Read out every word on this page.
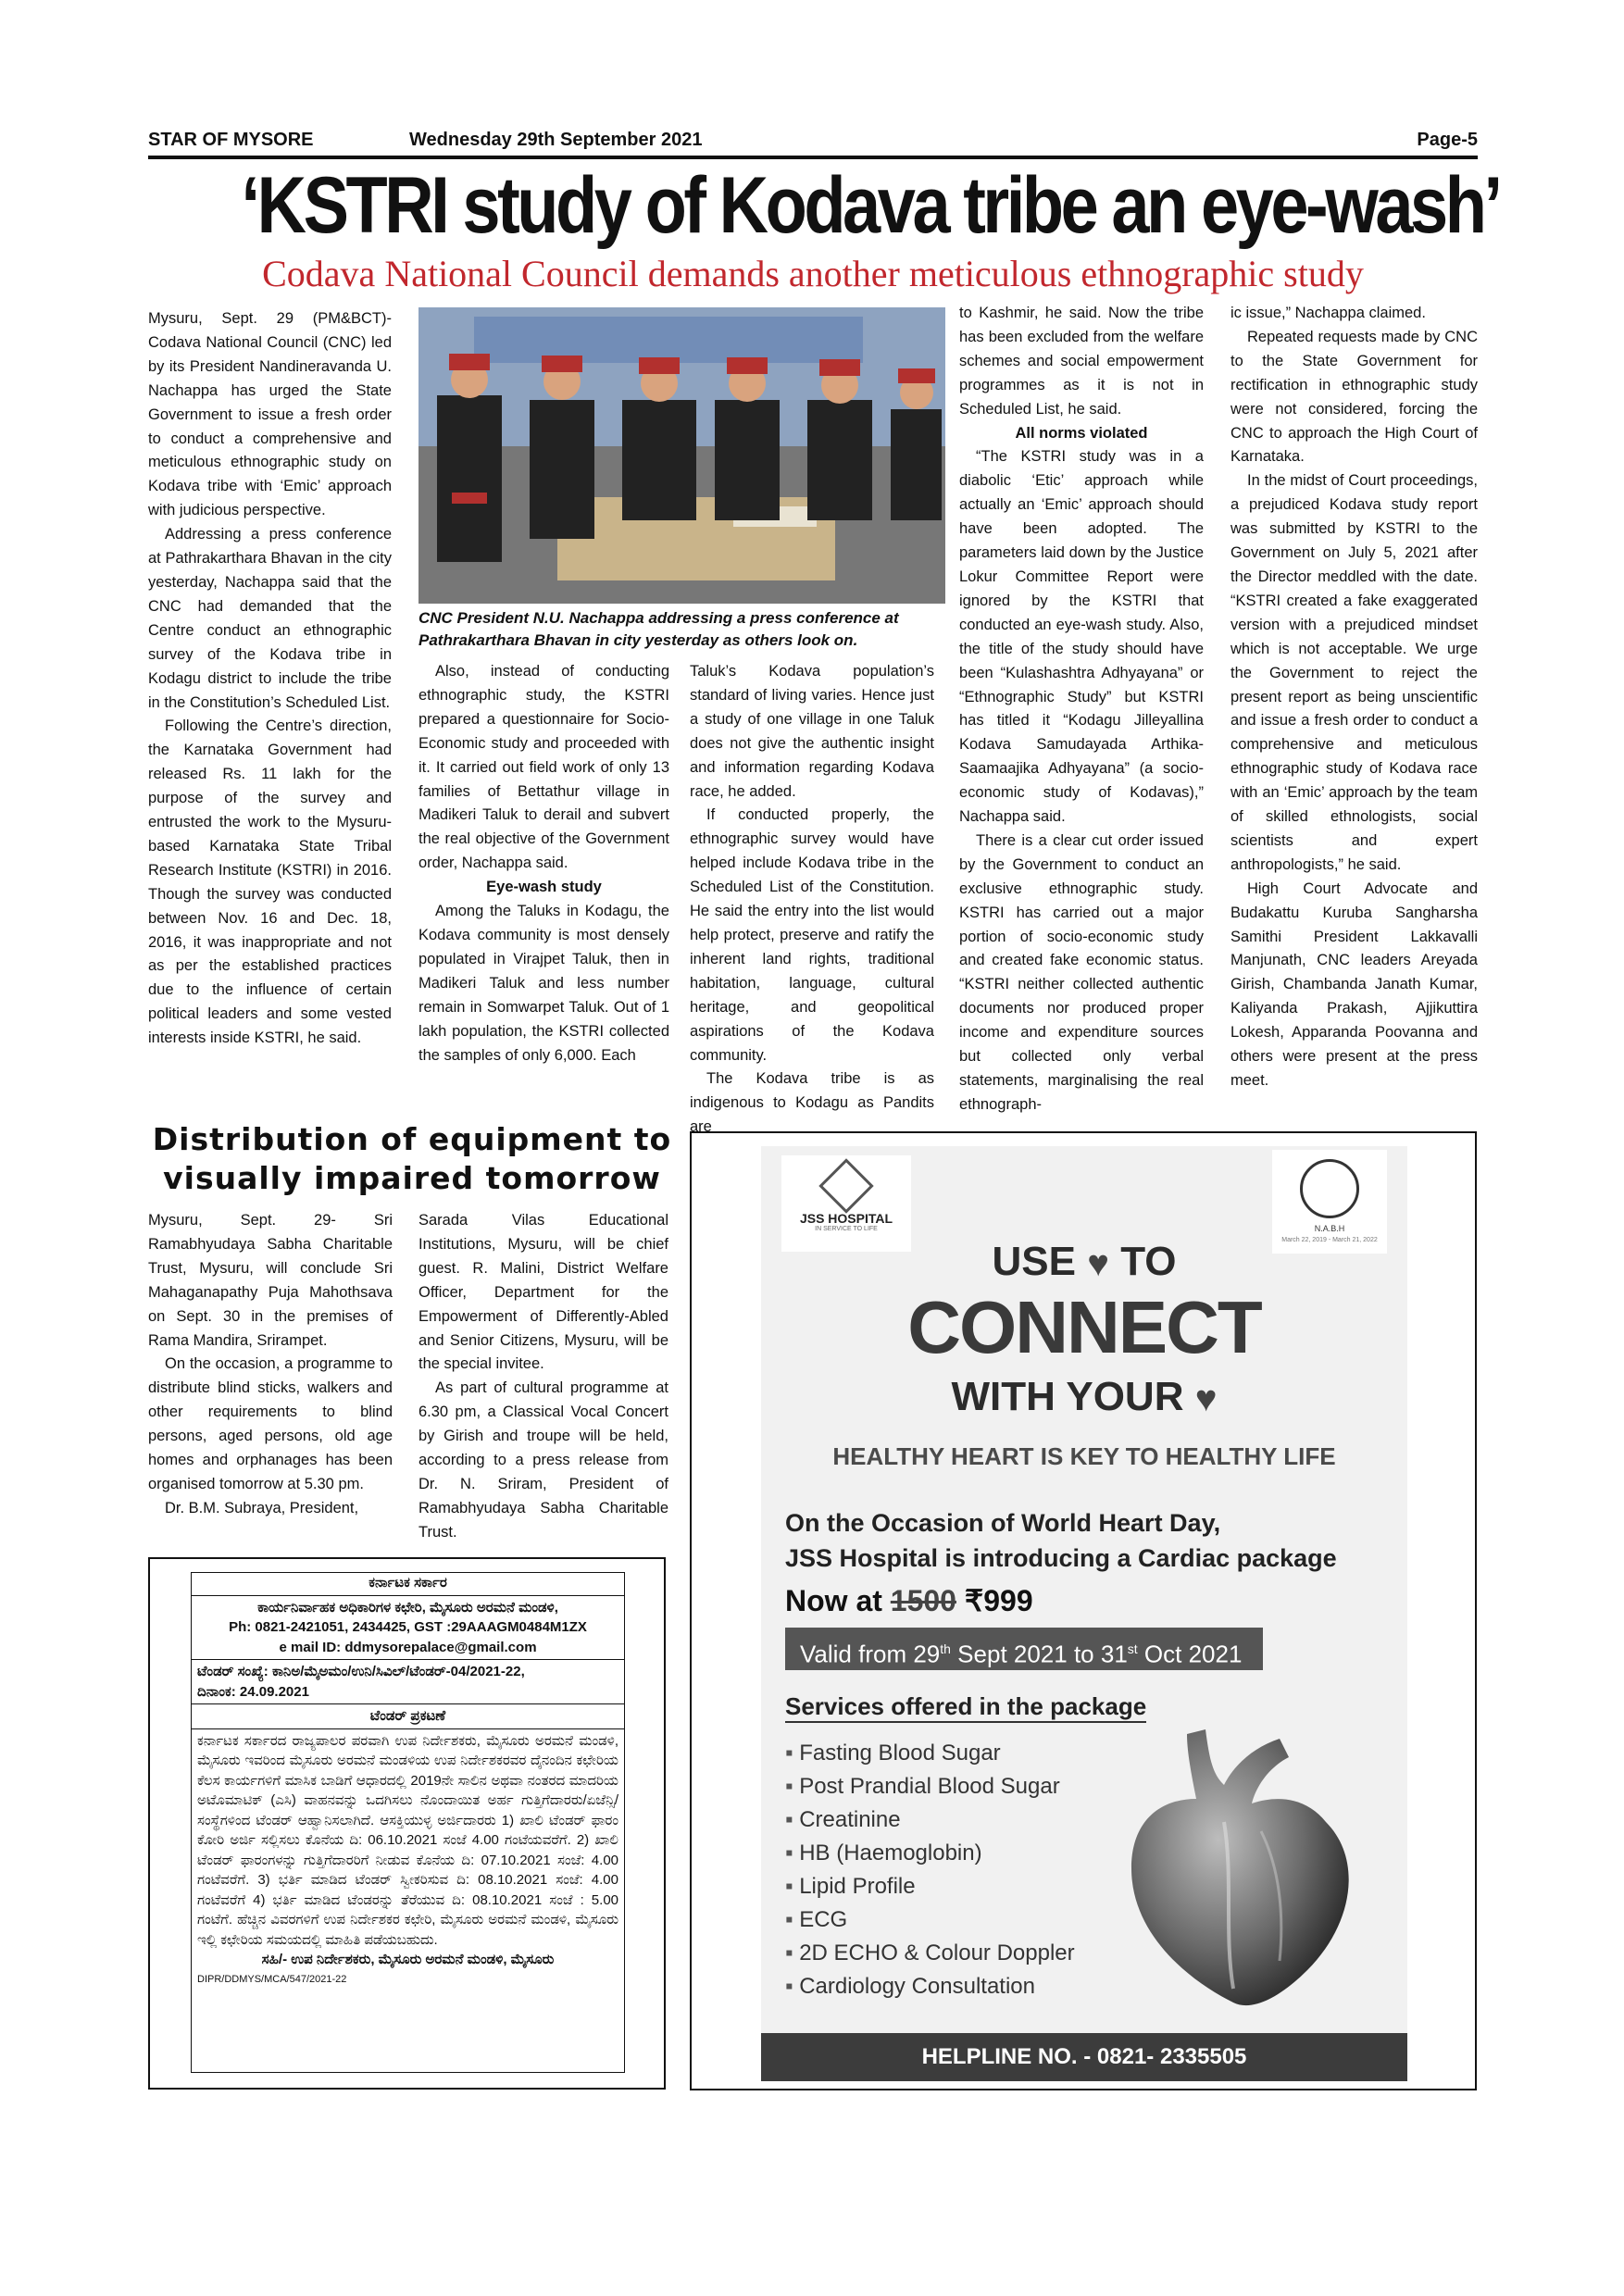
STAR OF MYSORE	Wednesday 29th September 2021	Page-5
‘KSTRI study of Kodava tribe an eye-wash’
Codava National Council demands another meticulous ethnographic study

Mysuru, Sept. 29 (PM&BCT)- Codava National Council (CNC) led by its President Nandineravanda U. Nachappa has urged the State Government to issue a fresh order to conduct a comprehensive and meticulous ethnographic study on Kodava tribe with ‘Emic’ approach with judicious perspective.

Addressing a press conference at Pathrakarthara Bhavan in the city yesterday, Nachappa said that the CNC had demanded that the Centre conduct an ethnographic survey of the Kodava tribe in Kodagu district to include the tribe in the Constitution’s Scheduled List.

Following the Centre’s direction, the Karnataka Government had released Rs. 11 lakh for the purpose of the survey and entrusted the work to the Mysuru-based Karnataka State Tribal Research Institute (KSTRI) in 2016. Though the survey was conducted between Nov. 16 and Dec. 18, 2016, it was inappropriate and not as per the established practices due to the influence of certain political leaders and some vested interests inside KSTRI, he said.

CNC President N.U. Nachappa addressing a press conference at Pathrakarthara Bhavan in city yesterday as others look on.

Also, instead of conducting ethnographic study, the KSTRI prepared a questionnaire for Socio-Economic study and proceeded with it. It carried out field work of only 13 families of Bettathur village in Madikeri Taluk to derail and subvert the real objective of the Government order, Nachappa said.

Eye-wash study

Among the Taluks in Kodagu, the Kodava community is most densely populated in Virajpet Taluk, then in Madikeri Taluk and less number remain in Somwarpet Taluk. Out of 1 lakh population, the KSTRI collected the samples of only 6,000. Each

Taluk’s Kodava population’s standard of living varies. Hence just a study of one village in one Taluk does not give the authentic insight and information regarding Kodava race, he added.

If conducted properly, the ethnographic survey would have helped include Kodava tribe in the Scheduled List of the Constitution. He said the entry into the list would help protect, preserve and ratify the inherent land rights, traditional habitation, language, cultural heritage, and geopolitical aspirations of the Kodava community.

The Kodava tribe is as indigenous to Kodagu as Pandits are

to Kashmir, he said. Now the tribe has been excluded from the welfare schemes and social empowerment programmes as it is not in Scheduled List, he said.

All norms violated

“The KSTRI study was in a diabolic ‘Etic’ approach while actually an ‘Emic’ approach should have been adopted. The parameters laid down by the Justice Lokur Committee Report were ignored by the KSTRI that conducted an eye-wash study. Also, the title of the study should have been “Kulashashtra Adhyayana” or “Ethnographic Study” but KSTRI has titled it “Kodagu Jilleyallina Kodava Samudayada Arthika-Saamaajika Adhyayana” (a socio-economic study of Kodavas),” Nachappa said.

There is a clear cut order issued by the Government to conduct an exclusive ethnographic study. KSTRI has carried out a major portion of socio-economic study and created fake economic status. “KSTRI neither collected authentic documents nor produced proper income and expenditure sources but collected only verbal statements, marginalising the real ethnograph-

ic issue,” Nachappa claimed.

Repeated requests made by CNC to the State Government for rectification in ethnographic study were not considered, forcing the CNC to approach the High Court of Karnataka.

In the midst of Court proceedings, a prejudiced Kodava study report was submitted by KSTRI to the Government on July 5, 2021 after the Director meddled with the date. “KSTRI created a fake exaggerated version with a prejudiced mindset which is not acceptable. We urge the Government to reject the present report as being unscientific and issue a fresh order to conduct a comprehensive and meticulous ethnographic study of Kodava race with an ‘Emic’ approach by the team of skilled ethnologists, social scientists and expert anthropologists,” he said.

High Court Advocate and Budakattu Kuruba Sangharsha Samithi President Lakkavalli Manjunath, CNC leaders Areyada Girish, Chambanda Janath Kumar, Kaliyanda Prakash, Ajjikuttira Lokesh, Apparanda Poovanna and others were present at the press meet.

Distribution of equipment to visually impaired tomorrow

Mysuru, Sept. 29- Sri Ramabhyudaya Sabha Charitable Trust, Mysuru, will conclude Sri Mahaganapathy Puja Mahothsava on Sept. 30 in the premises of Rama Mandira, Srirampet.

On the occasion, a programme to distribute blind sticks, walkers and other requirements to blind persons, aged persons, old age homes and orphanages has been organised tomorrow at 5.30 pm.

Dr. B.M. Subraya, President,

Sarada Vilas Educational Institutions, Mysuru, will be chief guest. R. Malini, District Welfare Officer, Department for the Empowerment of Differently-Abled and Senior Citizens, Mysuru, will be the special invitee.

As part of cultural programme at 6.30 pm, a Classical Vocal Concert by Girish and troupe will be held, according to a press release from Dr. N. Sriram, President of Ramabhyudaya Sabha Charitable Trust.

ಕರ್ನಾಟಕ ಸರ್ಕಾರ
ಕಾರ್ಯನಿರ್ವಾಹಕ ಅಧಿಕಾರಿಗಳ ಕಛೇರಿ, ಮೈಸೂರು ಅರಮನೆ ಮಂಡಳಿ,
Ph: 0821-2421051, 2434425, GST :29AAAGM0484M1ZX
e mail ID: ddmysorepalace@gmail.com
ಟೆಂಡರ್ ಸಂಖ್ಯೆ: ಕಾನಿಅ/ಮೈಅಮಂ/ಉನಿ/ಸಿವಿಲ್/ಟೆಂಡರ್-04/2021-22,
ದಿನಾಂಕ: 24.09.2021
ಟೆಂಡರ್ ಪ್ರಕಟಣೆ
ಕರ್ನಾಟಕ ಸರ್ಕಾರದ ರಾಜ್ಯಪಾಲರ ಪರವಾಗಿ ಉಪ ನಿರ್ದೇಶಕರು, ಮೈಸೂರು ಅರಮನೆ ಮಂಡಳಿ, ಮೈಸೂರು ಇವರಿಂದ ಮೈಸೂರು ಅರಮನೆ ಮಂಡಳಿಯ ಉಪ ನಿರ್ದೇಶಕರವರ ದೈನಂದಿನ ಕಛೇರಿಯ ಕೆಲಸ ಕಾರ್ಯಗಳಿಗೆ ಮಾಸಿಕ ಬಾಡಿಗೆ ಆಧಾರದಲ್ಲಿ 2019ನೇ ಸಾಲಿನ ಅಥವಾ ನಂತರದ ಮಾದರಿಯ ಅಟೊಮಾಟಿಕ್ (ಎಸಿ) ವಾಹನವನ್ನು ಒದಗಿಸಲು ನೊಂದಾಯಿತ ಅರ್ಹ ಗುತ್ತಿಗೆದಾರರು/ಏಜೆನ್ಸಿ/ಸಂಸ್ಥೆಗಳಿಂದ ಟೆಂಡರ್ ಆಹ್ವಾನಿಸಲಾಗಿದೆ. ಆಸಕ್ತಿಯುಳ್ಳ ಅರ್ಜಿದಾರರು 1) ಖಾಲಿ ಟೆಂಡರ್ ಫಾರಂ ಕೋರಿ ಅರ್ಜಿ ಸಲ್ಲಿಸಲು ಕೊನೆಯ ದಿ: 06.10.2021 ಸಂಜೆ 4.00 ಗಂಟೆಯವರೆಗೆ. 2) ಖಾಲಿ ಟೆಂಡರ್ ಫಾರಂಗಳನ್ನು ಗುತ್ತಿಗೆದಾರರಿಗೆ ನೀಡುವ ಕೊನೆಯ ದಿ: 07.10.2021 ಸಂಜೆ: 4.00 ಗಂಟೆವರೆಗೆ. 3) ಭರ್ತಿ ಮಾಡಿದ ಟೆಂಡರ್ ಸ್ವೀಕರಿಸುವ ದಿ: 08.10.2021 ಸಂಜೆ: 4.00 ಗಂಟೆವರೆಗೆ 4) ಭರ್ತಿ ಮಾಡಿದ ಟೆಂಡರನ್ನು ತೆರೆಯುವ ದಿ: 08.10.2021 ಸಂಜೆ : 5.00 ಗಂಟೆಗೆ. ಹೆಚ್ಚಿನ ವಿವರಗಳಿಗೆ ಉಪ ನಿರ್ದೇಶಕರ ಕಛೇರಿ, ಮೈಸೂರು ಅರಮನೆ ಮಂಡಳಿ, ಮೈಸೂರು ಇಲ್ಲಿ ಕಛೇರಿಯ ಸಮಯದಲ್ಲಿ ಮಾಹಿತಿ ಪಡೆಯಬಹುದು.
ಸಹಿ/- ಉಪ ನಿರ್ದೇಶಕರು, ಮೈಸೂರು ಅರಮನೆ ಮಂಡಳಿ, ಮೈಸೂರು
DIPR/DDMYS/MCA/547/2021-22
JSS HOSPITAL
IN SERVICE TO LIFE	N.A.B.H
March 22, 2019 - March 21, 2022
USE ♥ TO
CONNECT
WITH YOUR ♥
HEALTHY HEART IS KEY TO HEALTHY LIFE
On the Occasion of World Heart Day,
JSS Hospital is introducing a Cardiac package
Now at 1500 ₹999
Valid from 29th Sept 2021 to 31st Oct 2021
Services offered in the package
▪ Fasting Blood Sugar
▪ Post Prandial Blood Sugar
▪ Creatinine
▪ HB (Haemoglobin)
▪ Lipid Profile
▪ ECG
▪ 2D ECHO & Colour Doppler
▪ Cardiology Consultation
HELPLINE NO. - 0821- 2335505
